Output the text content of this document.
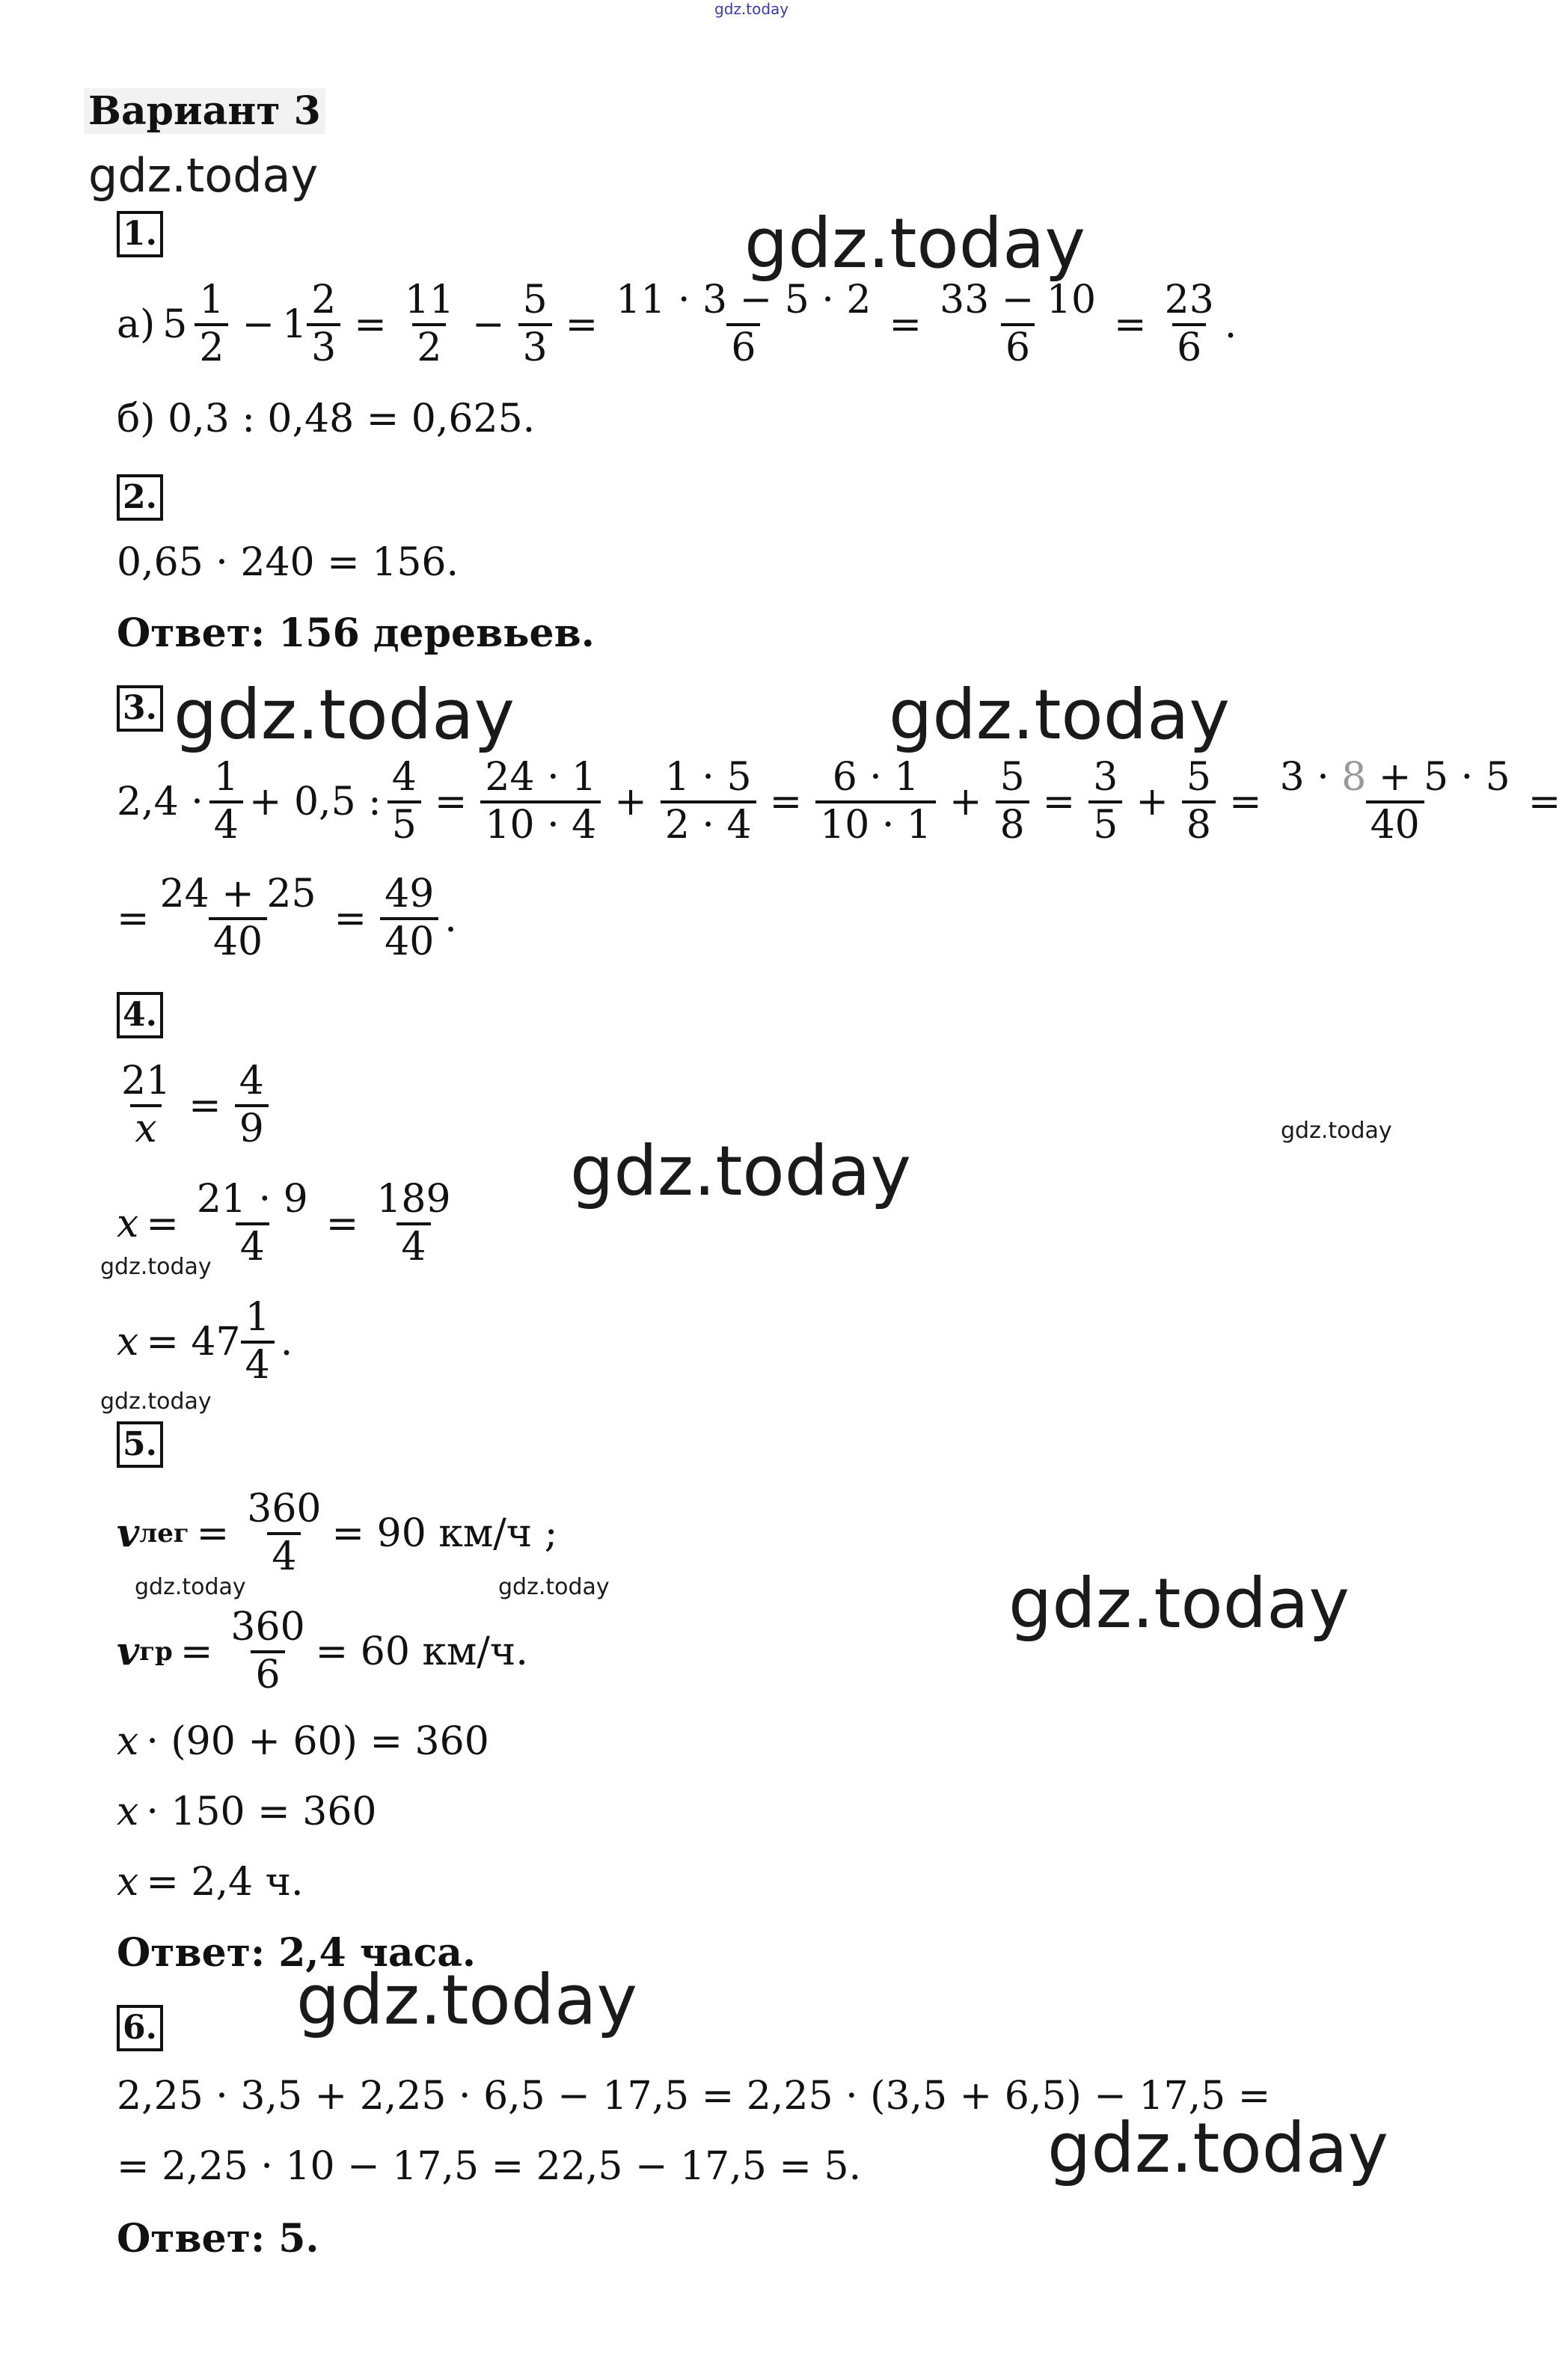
gdz.today
gdz.today
gdz.today
gdz.today	gdz.today
gdz.today
gdz.today
gdz.today
gdz.today
gdz.today	gdz.today	gdz.today
gdz.today
gdz.today
Вариант 3
1.
а) $5 \frac{1}{2} - 1 \frac{2}{3} = \frac{11}{2} - \frac{5}{3} = \frac{11 \cdot 3 - 5 \cdot 2}{6} = \frac{33 - 10}{6} = \frac{23}{6}$ .
б) 0,3 : 0,48 = 0,625.
2.
0,65 · 240 = 156.
Ответ: 156 деревьев.
3.
$2,4 \cdot \frac{1}{4} + 0,5$ : $\frac{4}{5} = \frac{24 \cdot 1}{10 \cdot 4} + \frac{1 \cdot 5}{2 \cdot 4} = \frac{6 \cdot 1}{10 \cdot 1} + \frac{5}{8} = \frac{3}{5} + \frac{5}{8} = \frac{3 \cdot 8 + 5 \cdot 5}{40}$ =
= $\frac{24 + 25}{40} = \frac{49}{40}$ .
4.
$\frac{21}{x} = \frac{4}{9}$
$x = \frac{21 \cdot 9}{4} = \frac{189}{4}$
$x = 47 \frac{1}{4}$ .
5.
v лег = $\frac{360}{4} = 90$ км/ч ;
v гр = $\frac{360}{6} = 60$ км/ч.
x · (90 + 60) = 360
x · 150 = 360
x = 2,4 ч.
Ответ: 2,4 часа.
6.
2,25 · 3,5 + 2,25 · 6,5 − 17,5 = 2,25 · (3,5 + 6,5) − 17,5 =
= 2,25 · 10 − 17,5 = 22,5 − 17,5 = 5.
Ответ: 5.
